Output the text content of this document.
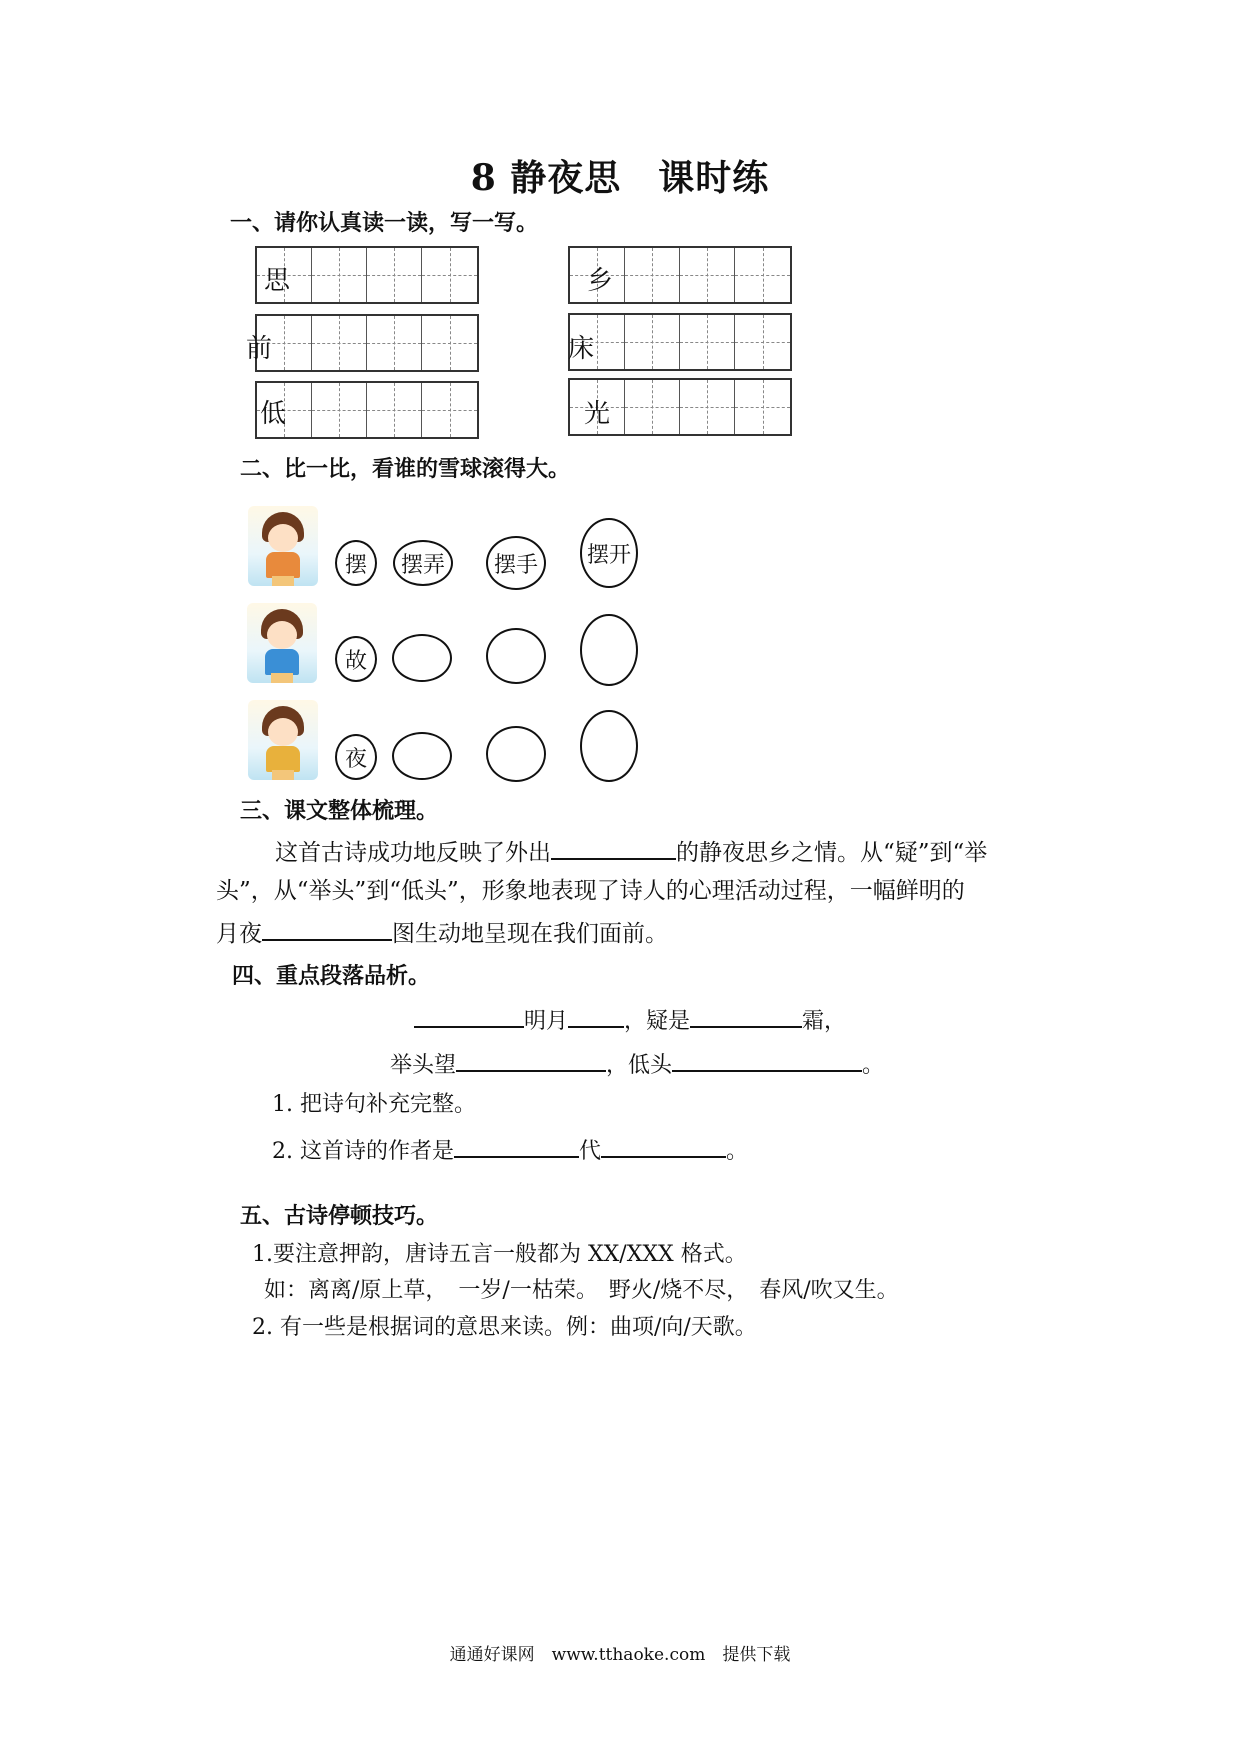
8 静夜思　课时练
一、请你认真读一读，写一写。
思	乡
前	床
低	光
二、比一比，看谁的雪球滚得大。
摆	摆弄	摆手	摆开
故
夜
三、课文整体梳理。
这首古诗成功地反映了外出	的静夜思乡之情。从“疑”到“举
头”，从“举头”到“低头”，形象地表现了诗人的心理活动过程，一幅鲜明的
月夜	图生动地呈现在我们面前。
四、重点段落品析。
明月	，疑是	霜，
举头望	，低头	。
1. 把诗句补充完整。
2. 这首诗的作者是	代	。
五、古诗停顿技巧。
1.要注意押韵，唐诗五言一般都为 XX/XXX 格式。
如：离离/原上草，　一岁/一枯荣。　野火/烧不尽，　春风/吹又生。
2. 有一些是根据词的意思来读。例：曲项/向/天歌。
通通好课网　www.tthaoke.com　提供下载
